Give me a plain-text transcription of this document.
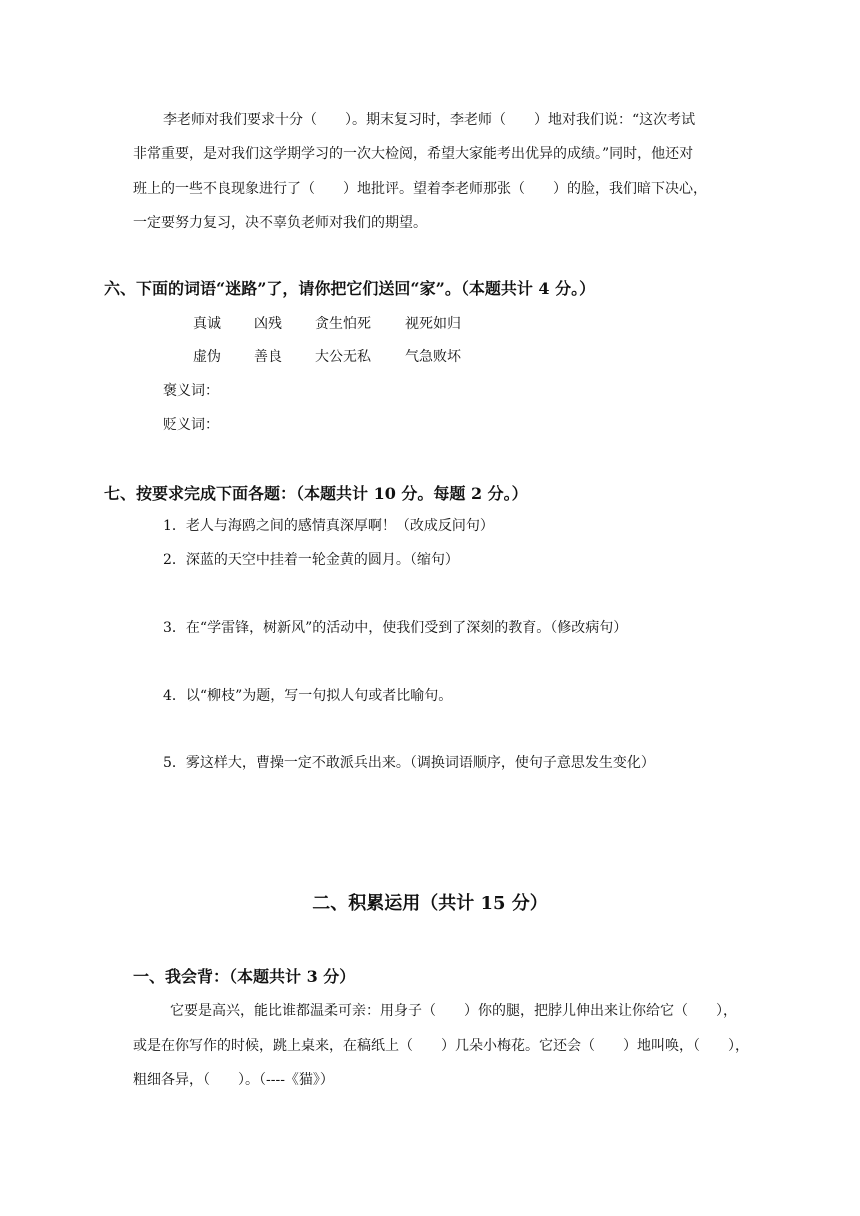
李老师对我们要求十分（　　）。期末复习时，李老师（　　）地对我们说：“这次考试
非常重要，是对我们这学期学习的一次大检阅，希望大家能考出优异的成绩。”同时，他还对
班上的一些不良现象进行了（　　）地批评。望着李老师那张（　　）的脸，我们暗下决心，
一定要努力复习，决不辜负老师对我们的期望。
六、下面的词语“迷路”了，请你把它们送回“家”。（本题共计 4 分。）
真诚 凶残 贪生怕死 视死如归
虚伪 善良 大公无私 气急败坏
褒义词：
贬义词：
七、按要求完成下面各题：（本题共计 10 分。每题 2 分。）
1．老人与海鸥之间的感情真深厚啊！（改成反问句）
2．深蓝的天空中挂着一轮金黄的圆月。（缩句）
3．在“学雷锋，树新风”的活动中，使我们受到了深刻的教育。（修改病句）
4．以“柳枝”为题，写一句拟人句或者比喻句。
5．雾这样大，曹操一定不敢派兵出来。（调换词语顺序，使句子意思发生变化）
二、积累运用（共计 15 分）
一、我会背：（本题共计 3 分）
它要是高兴，能比谁都温柔可亲：用身子（　　）你的腿，把脖儿伸出来让你给它（　　），
或是在你写作的时候，跳上桌来，在稿纸上（　　）几朵小梅花。它还会（　　）地叫唤，（　　），
粗细各异，（　　）。（----《猫》）
